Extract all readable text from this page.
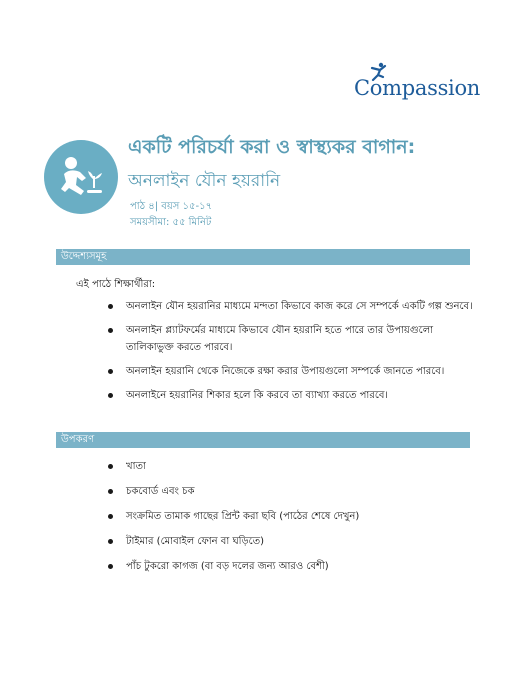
Compassion
একটি পরিচর্যা করা ও স্বাস্থ্যকর বাগান:
অনলাইন যৌন হয়রানি
পাঠ ৪| বয়স ১৫-১৭
সময়সীমা: ৫৫ মিনিট
উদ্দেশ্যসমূহ
এই পাঠে শিক্ষার্থীরা:
অনলাইন যৌন হয়রানির মাধ্যমে মন্দতা কিভাবে কাজ করে সে সম্পর্কে একটি গল্প শুনবে।
অনলাইন প্ল্যাটফর্মের মাধ্যমে কিভাবে যৌন হয়রানি হতে পারে তার উপায়গুলো তালিকাভুক্ত করতে পারবে।
অনলাইন হয়রানি থেকে নিজেকে রক্ষা করার উপায়গুলো সম্পর্কে জানতে পারবে।
অনলাইনে হয়রানির শিকার হলে কি করবে তা ব্যাখ্যা করতে পারবে।
উপকরণ
খাতা
চকবোর্ড এবং চক
সংক্রমিত তামাক গাছের প্রিন্ট করা ছবি (পাঠের শেষে দেখুন)
টাইমার (মোবাইল ফোন বা ঘড়িতে)
পাঁচ টুকরো কাগজ (বা বড় দলের জন্য আরও বেশী)
